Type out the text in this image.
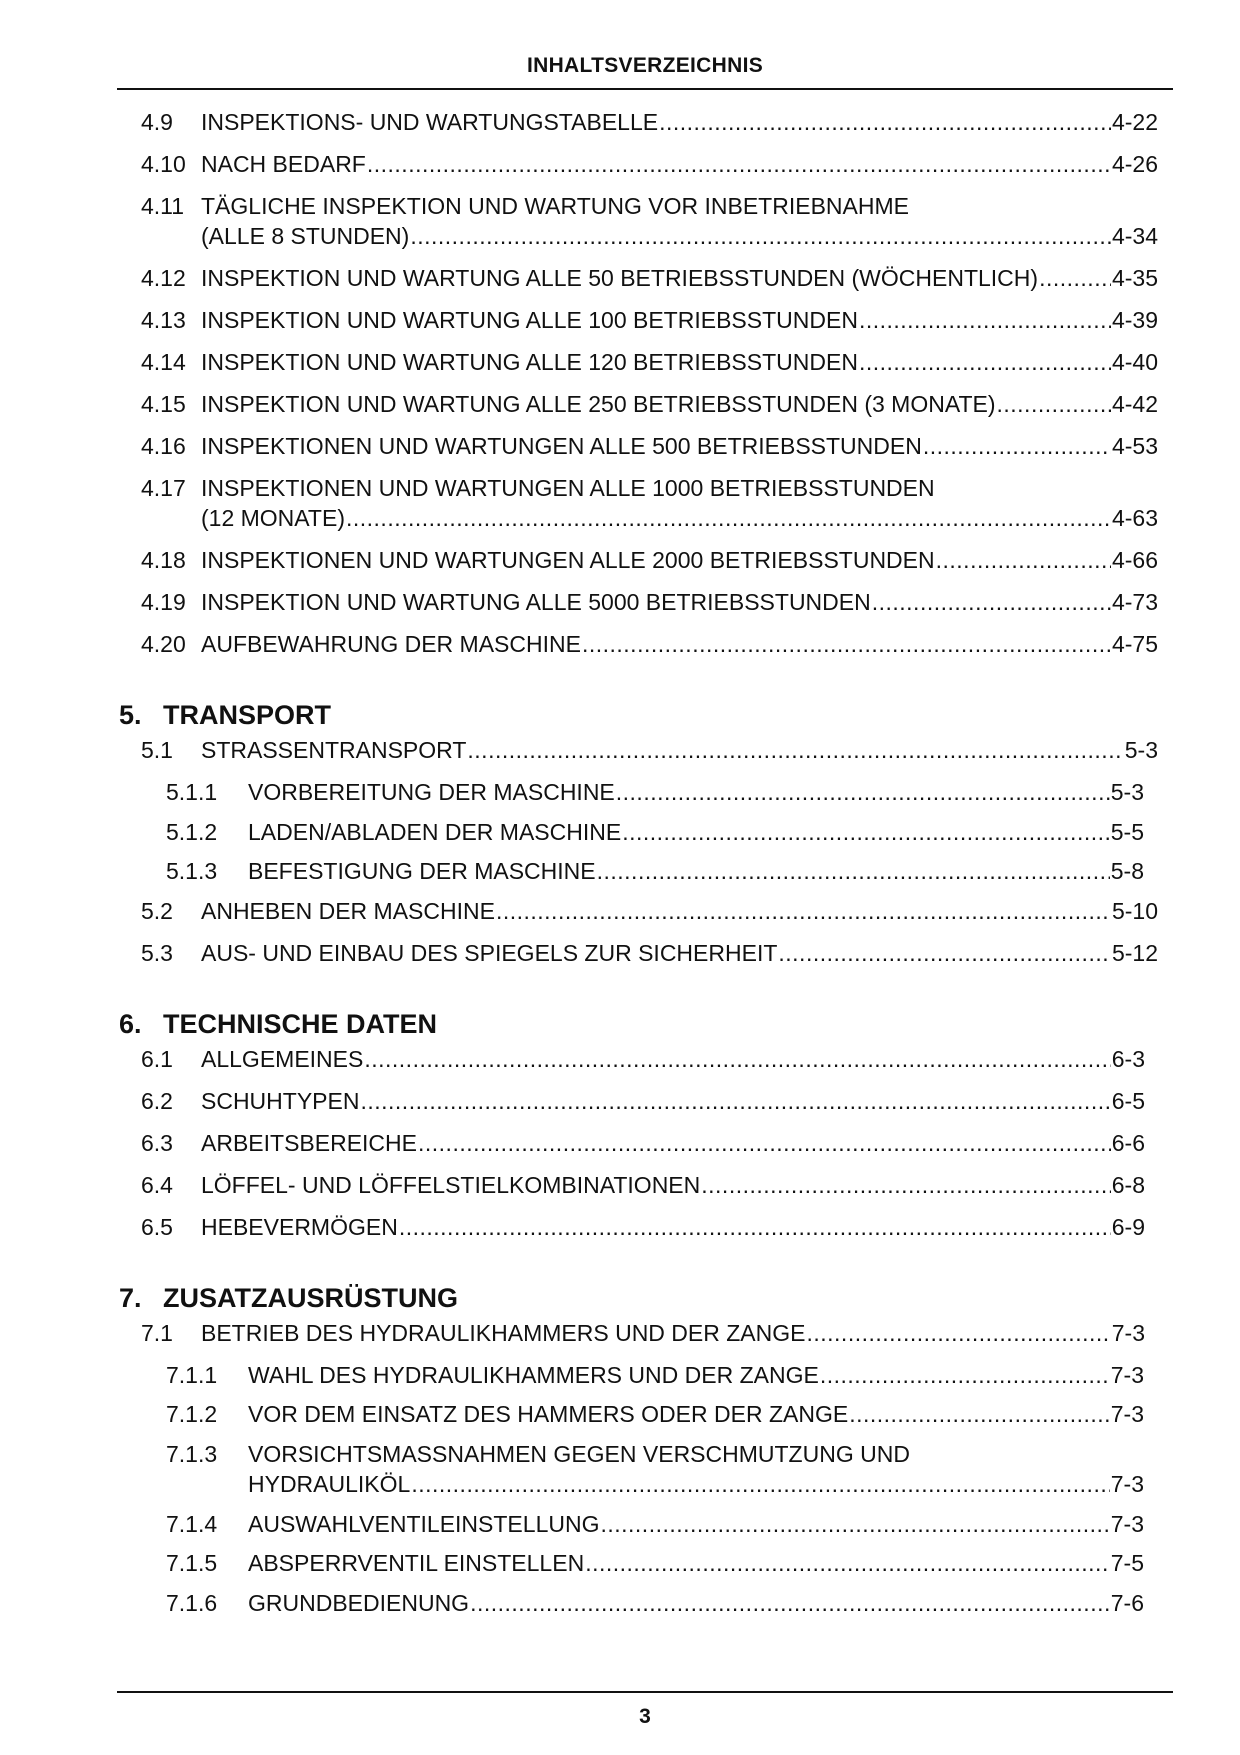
INHALTSVERZEICHNIS
4.9 INSPEKTIONS- UND WARTUNGSTABELLE .....	4-22
4.10 NACH BEDARF .....	4-26
4.11 TÄGLICHE INSPEKTION UND WARTUNG VOR INBETRIEBNAHME
(ALLE 8 STUNDEN) .....	4-34
4.12 INSPEKTION UND WARTUNG ALLE 50 BETRIEBSSTUNDEN (WÖCHENTLICH) .....	4-35
4.13 INSPEKTION UND WARTUNG ALLE 100 BETRIEBSSTUNDEN .....	4-39
4.14 INSPEKTION UND WARTUNG ALLE 120 BETRIEBSSTUNDEN .....	4-40
4.15 INSPEKTION UND WARTUNG ALLE 250 BETRIEBSSTUNDEN (3 MONATE) .....	4-42
4.16 INSPEKTIONEN UND WARTUNGEN ALLE 500 BETRIEBSSTUNDEN .....	4-53
4.17 INSPEKTIONEN UND WARTUNGEN ALLE 1000 BETRIEBSSTUNDEN
(12 MONATE) .....	4-63
4.18 INSPEKTIONEN UND WARTUNGEN ALLE 2000 BETRIEBSSTUNDEN .....	4-66
4.19 INSPEKTION UND WARTUNG ALLE 5000 BETRIEBSSTUNDEN .....	4-73
4.20 AUFBEWAHRUNG DER MASCHINE .....	4-75
5. TRANSPORT
5.1 STRASSENTRANSPORT .....	5-3
5.1.1 VORBEREITUNG DER MASCHINE .....	5-3
5.1.2 LADEN/ABLADEN DER MASCHINE .....	5-5
5.1.3 BEFESTIGUNG DER MASCHINE .....	5-8
5.2 ANHEBEN DER MASCHINE .....	5-10
5.3 AUS- UND EINBAU DES SPIEGELS ZUR SICHERHEIT .....	5-12
6. TECHNISCHE DATEN
6.1 ALLGEMEINES .....	6-3
6.2 SCHUHTYPEN .....	6-5
6.3 ARBEITSBEREICHE .....	6-6
6.4 LÖFFEL- UND LÖFFELSTIELKOMBINATIONEN .....	6-8
6.5 HEBEVERMÖGEN .....	6-9
7. ZUSATZAUSRÜSTUNG
7.1 BETRIEB DES HYDRAULIKHAMMERS UND DER ZANGE .....	7-3
7.1.1 WAHL DES HYDRAULIKHAMMERS UND DER ZANGE .....	7-3
7.1.2 VOR DEM EINSATZ DES HAMMERS ODER DER ZANGE .....	7-3
7.1.3 VORSICHTSMASSNAHMEN GEGEN VERSCHMUTZUNG UND
HYDRAULIKÖL .....	7-3
7.1.4 AUSWAHLVENTILEINSTELLUNG .....	7-3
7.1.5 ABSPERRVENTIL EINSTELLEN .....	7-5
7.1.6 GRUNDBEDIENUNG .....	7-6
3
